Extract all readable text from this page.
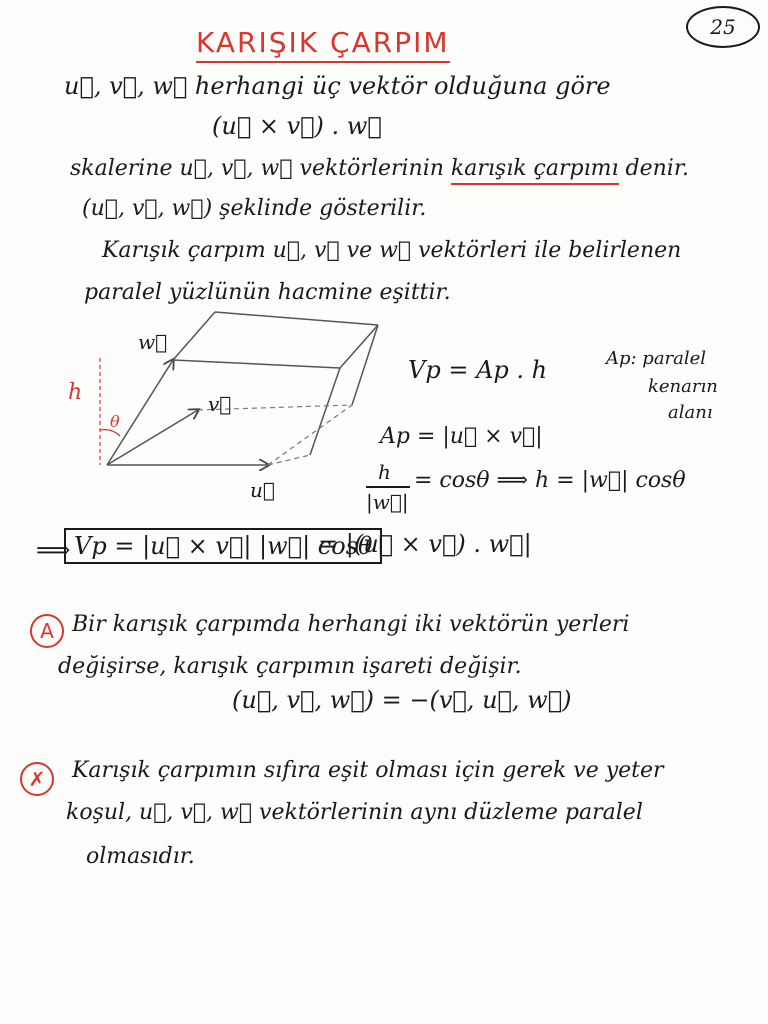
25
KARIŞIK ÇARPIM
u⃗, v⃗, w⃗ herhangi üç vektör olduğuna göre
(u⃗ × v⃗) . w⃗
skalerine u⃗, v⃗, w⃗ vektörlerinin karışık çarpımı denir.
(u⃗, v⃗, w⃗) şeklinde gösterilir.
Karışık çarpım u⃗, v⃗ ve w⃗ vektörleri ile belirlenen
paralel yüzlünün hacmine eşittir.
w⃗
v⃗
u⃗
h
θ
Vp = Ap . h	Ap: paralel
kenarın
alanı
Ap = |u⃗ × v⃗|
h
|w⃗|
= cosθ ⟹ h = |w⃗| cosθ
⟹ Vp = |u⃗ × v⃗| |w⃗| cosθ
= |(u⃗ × v⃗) . w⃗|
A Bir karışık çarpımda herhangi iki vektörün yerleri
değişirse, karışık çarpımın işareti değişir.
(u⃗, v⃗, w⃗) = −(v⃗, u⃗, w⃗)
✗	Karışık çarpımın sıfıra eşit olması için gerek ve yeter
koşul, u⃗, v⃗, w⃗ vektörlerinin aynı düzleme paralel
olmasıdır.
